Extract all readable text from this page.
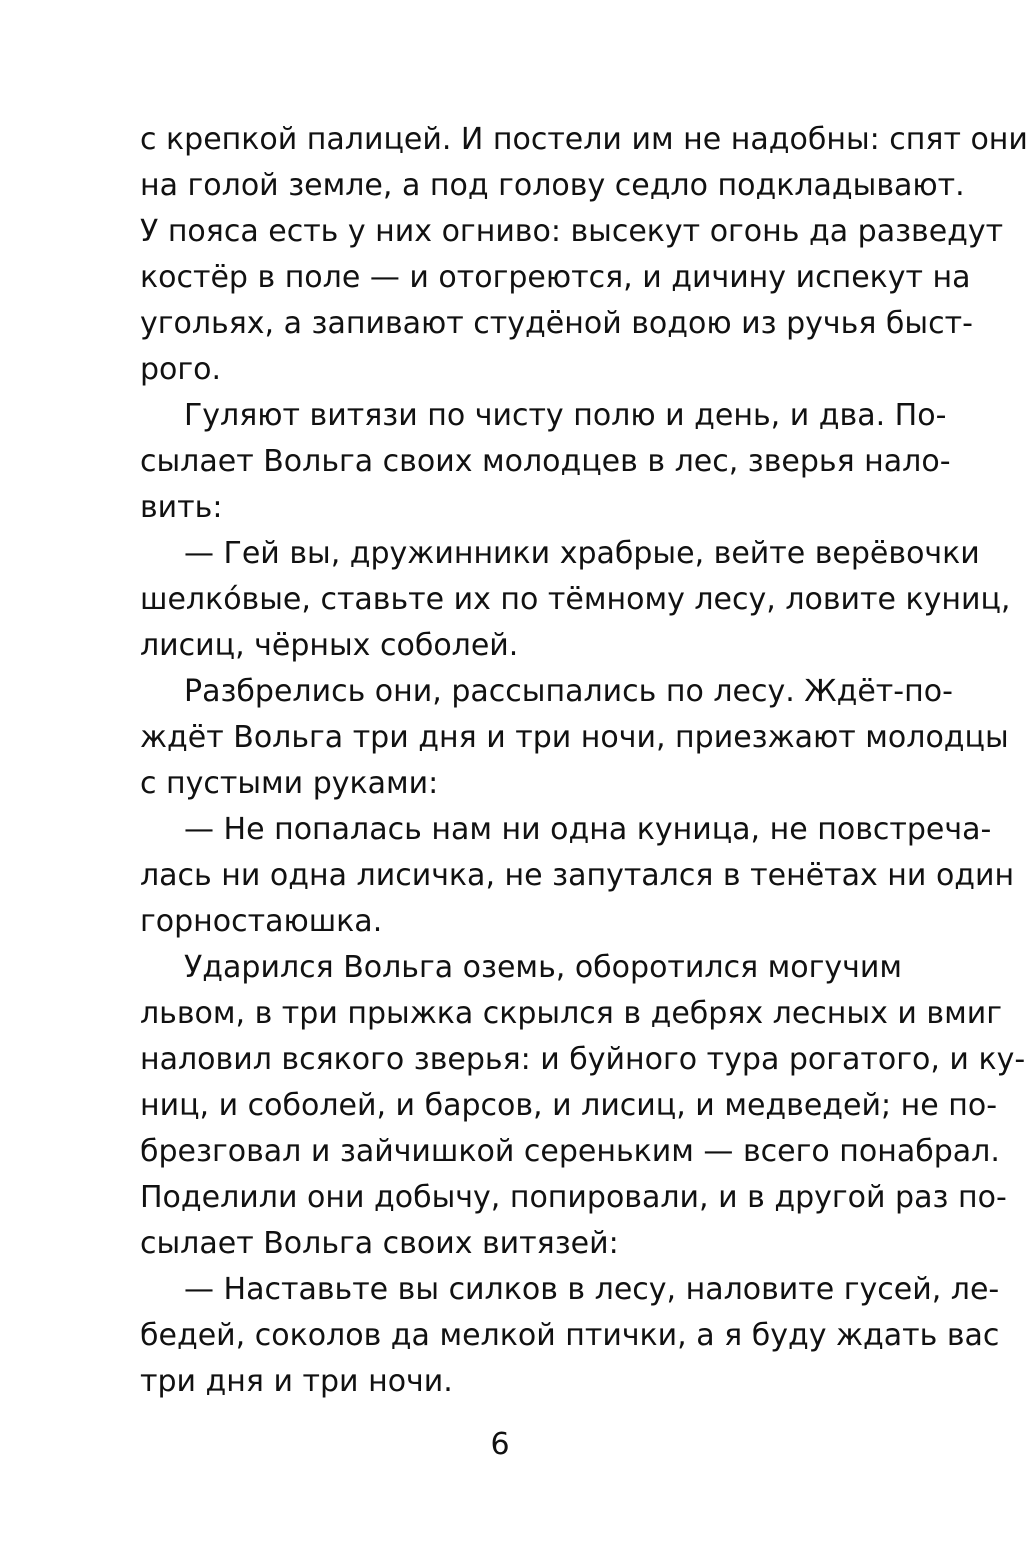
с крепкой палицей. И постели им не надобны: спят они
на голой земле, а под голову седло подкладывают.
У пояса есть у них огниво: высекут огонь да разведут
костёр в поле — и отогреются, и дичину испекут на
угольях, а запивают студёной водою из ручья быст-
рого.
Гуляют витязи по чисту полю и день, и два. По-
сылает Вольга своих молодцев в лес, зверья нало-
вить:
— Гей вы, дружинники храбрые, вейте верёвочки
шелкóвые, ставьте их по тёмному лесу, ловите куниц,
лисиц, чёрных соболей.
Разбрелись они, рассыпались по лесу. Ждёт-по-
ждёт Вольга три дня и три ночи, приезжают молодцы
с пустыми руками:
— Не попалась нам ни одна куница, не повстреча-
лась ни одна лисичка, не запутался в тенётах ни один
горностаюшка.
Ударился Вольга оземь, оборотился могучим
львом, в три прыжка скрылся в дебрях лесных и вмиг
наловил всякого зверья: и буйного тура рогатого, и ку-
ниц, и соболей, и барсов, и лисиц, и медведей; не по-
брезговал и зайчишкой сереньким — всего понабрал.
Поделили они добычу, попировали, и в другой раз по-
сылает Вольга своих витязей:
— Наставьте вы силков в лесу, наловите гусей, ле-
бедей, соколов да мелкой птички, а я буду ждать вас
три дня и три ночи.
6
